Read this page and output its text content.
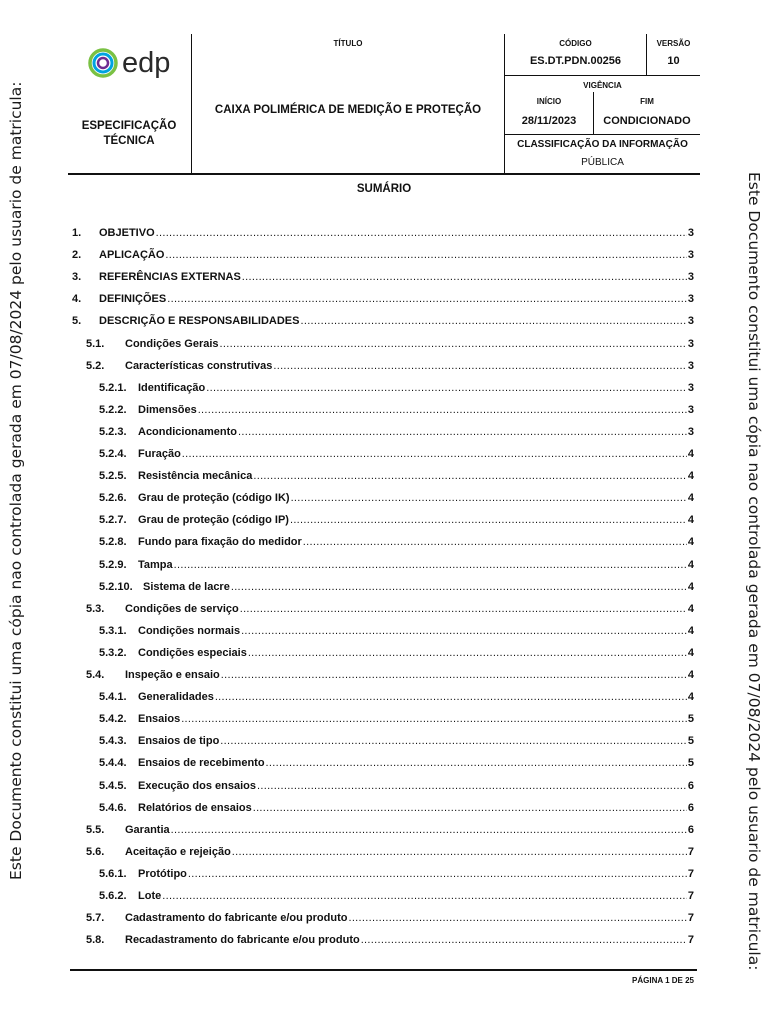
Este Documento constitui uma cópia nao controlada gerada em 07/08/2024 pelo usuario de matricula:	Este Documento constitui uma cópia nao controlada gerada em 07/08/2024 pelo usuario de matricula:
edp
ESPECIFICAÇÃO
TÉCNICA
TÍTULO
CAIXA POLIMÉRICA DE MEDIÇÃO E PROTEÇÃO
CÓDIGO
ES.DT.PDN.00256
VERSÃO
10
VIGÊNCIA
INÍCIO
28/11/2023
FIM
CONDICIONADO
CLASSIFICAÇÃO DA INFORMAÇÃO
PÚBLICA
SUMÁRIO
1. OBJETIVO .....	3
2. APLICAÇÃO .....	3
3. REFERÊNCIAS EXTERNAS .....	3
4. DEFINIÇÕES .....	3
5. DESCRIÇÃO E RESPONSABILIDADES .....	3
5.1. Condições Gerais .....	3
5.2. Características construtivas .....	3
5.2.1. Identificação .....	3
5.2.2. Dimensões .....	3
5.2.3. Acondicionamento .....	3
5.2.4. Furação .....	4
5.2.5. Resistência mecânica .....	4
5.2.6. Grau de proteção (código IK) .....	4
5.2.7. Grau de proteção (código IP) .....	4
5.2.8. Fundo para fixação do medidor .....	4
5.2.9. Tampa .....	4
5.2.10. Sistema de lacre .....	4
5.3. Condições de serviço .....	4
5.3.1. Condições normais .....	4
5.3.2. Condições especiais .....	4
5.4. Inspeção e ensaio .....	4
5.4.1. Generalidades .....	4
5.4.2. Ensaios .....	5
5.4.3. Ensaios de tipo .....	5
5.4.4. Ensaios de recebimento .....	5
5.4.5. Execução dos ensaios .....	6
5.4.6. Relatórios de ensaios .....	6
5.5. Garantia .....	6
5.6. Aceitação e rejeição .....	7
5.6.1. Protótipo .....	7
5.6.2. Lote .....	7
5.7. Cadastramento do fabricante e/ou produto .....	7
5.8. Recadastramento do fabricante e/ou produto .....	7
PÁGINA 1 DE 25
